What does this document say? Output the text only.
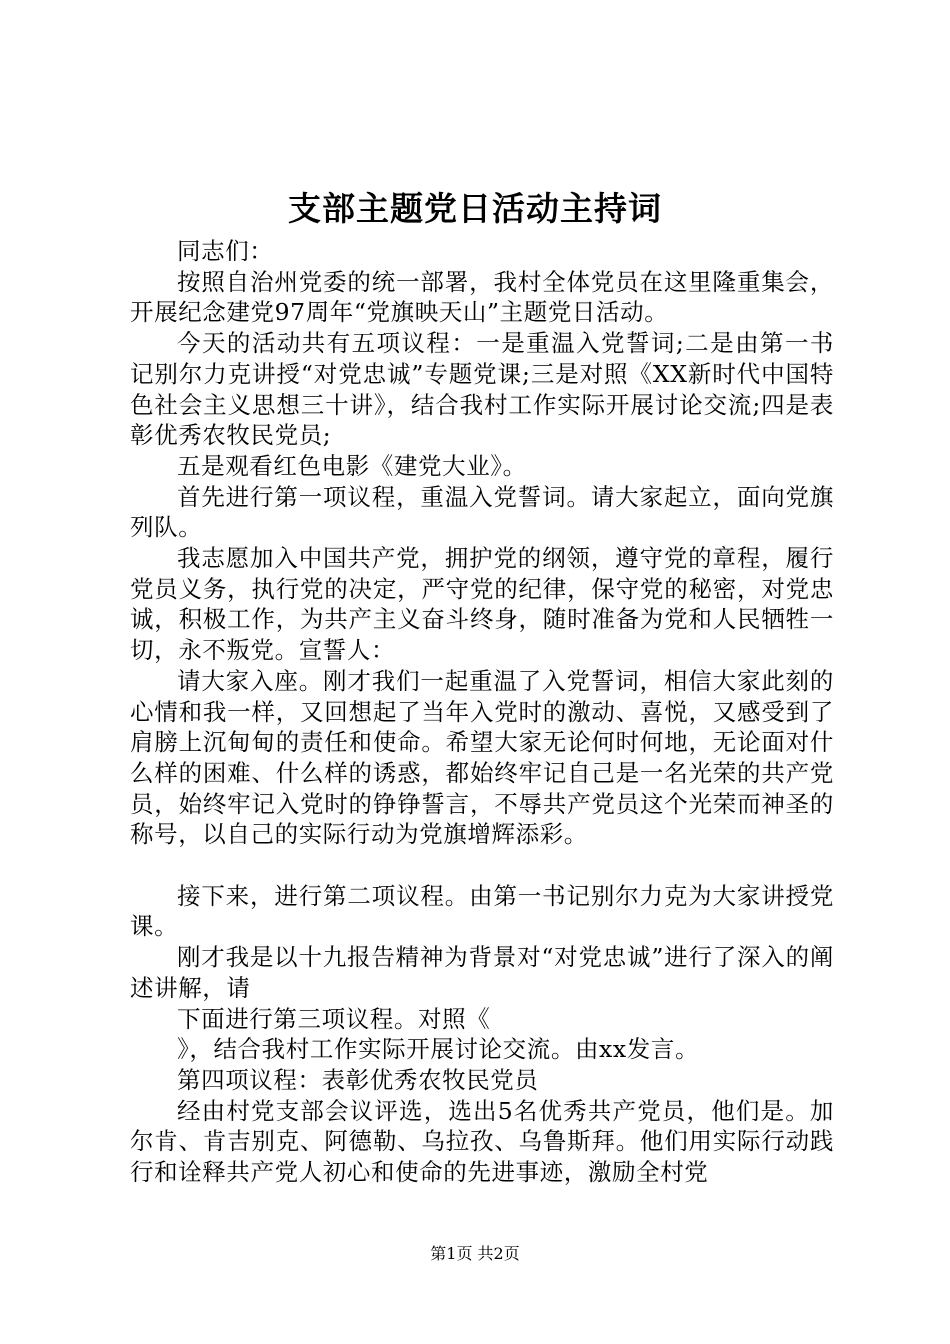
支部主题党日活动主持词

同志们：

按照自治州党委的统一部署，我村全体党员在这里隆重集会，开展纪念建党97周年“党旗映天山”主题党日活动。

今天的活动共有五项议程：一是重温入党誓词;二是由第一书记别尔力克讲授“对党忠诚”专题党课;三是对照《XX新时代中国特色社会主义思想三十讲》，结合我村工作实际开展讨论交流;四是表彰优秀农牧民党员;

五是观看红色电影《建党大业》。

首先进行第一项议程，重温入党誓词。请大家起立，面向党旗列队。

我志愿加入中国共产党，拥护党的纲领，遵守党的章程，履行党员义务，执行党的决定，严守党的纪律，保守党的秘密，对党忠诚，积极工作，为共产主义奋斗终身，随时准备为党和人民牺牲一切，永不叛党。宣誓人：

请大家入座。刚才我们一起重温了入党誓词，相信大家此刻的心情和我一样，又回想起了当年入党时的激动、喜悦，又感受到了肩膀上沉甸甸的责任和使命。希望大家无论何时何地，无论面对什么样的困难、什么样的诱惑，都始终牢记自己是一名光荣的共产党员，始终牢记入党时的铮铮誓言，不辱共产党员这个光荣而神圣的称号，以自己的实际行动为党旗增辉添彩。

接下来，进行第二项议程。由第一书记别尔力克为大家讲授党课。

刚才我是以十九报告精神为背景对“对党忠诚”进行了深入的阐述讲解，请

下面进行第三项议程。对照《

》，结合我村工作实际开展讨论交流。由xx发言。

第四项议程：表彰优秀农牧民党员

经由村党支部会议评选，选出5名优秀共产党员，他们是。加尔肯、肯吉别克、阿德勒、乌拉孜、乌鲁斯拜。他们用实际行动践行和诠释共产党人初心和使命的先进事迹，激励全村党

第1页 共2页
